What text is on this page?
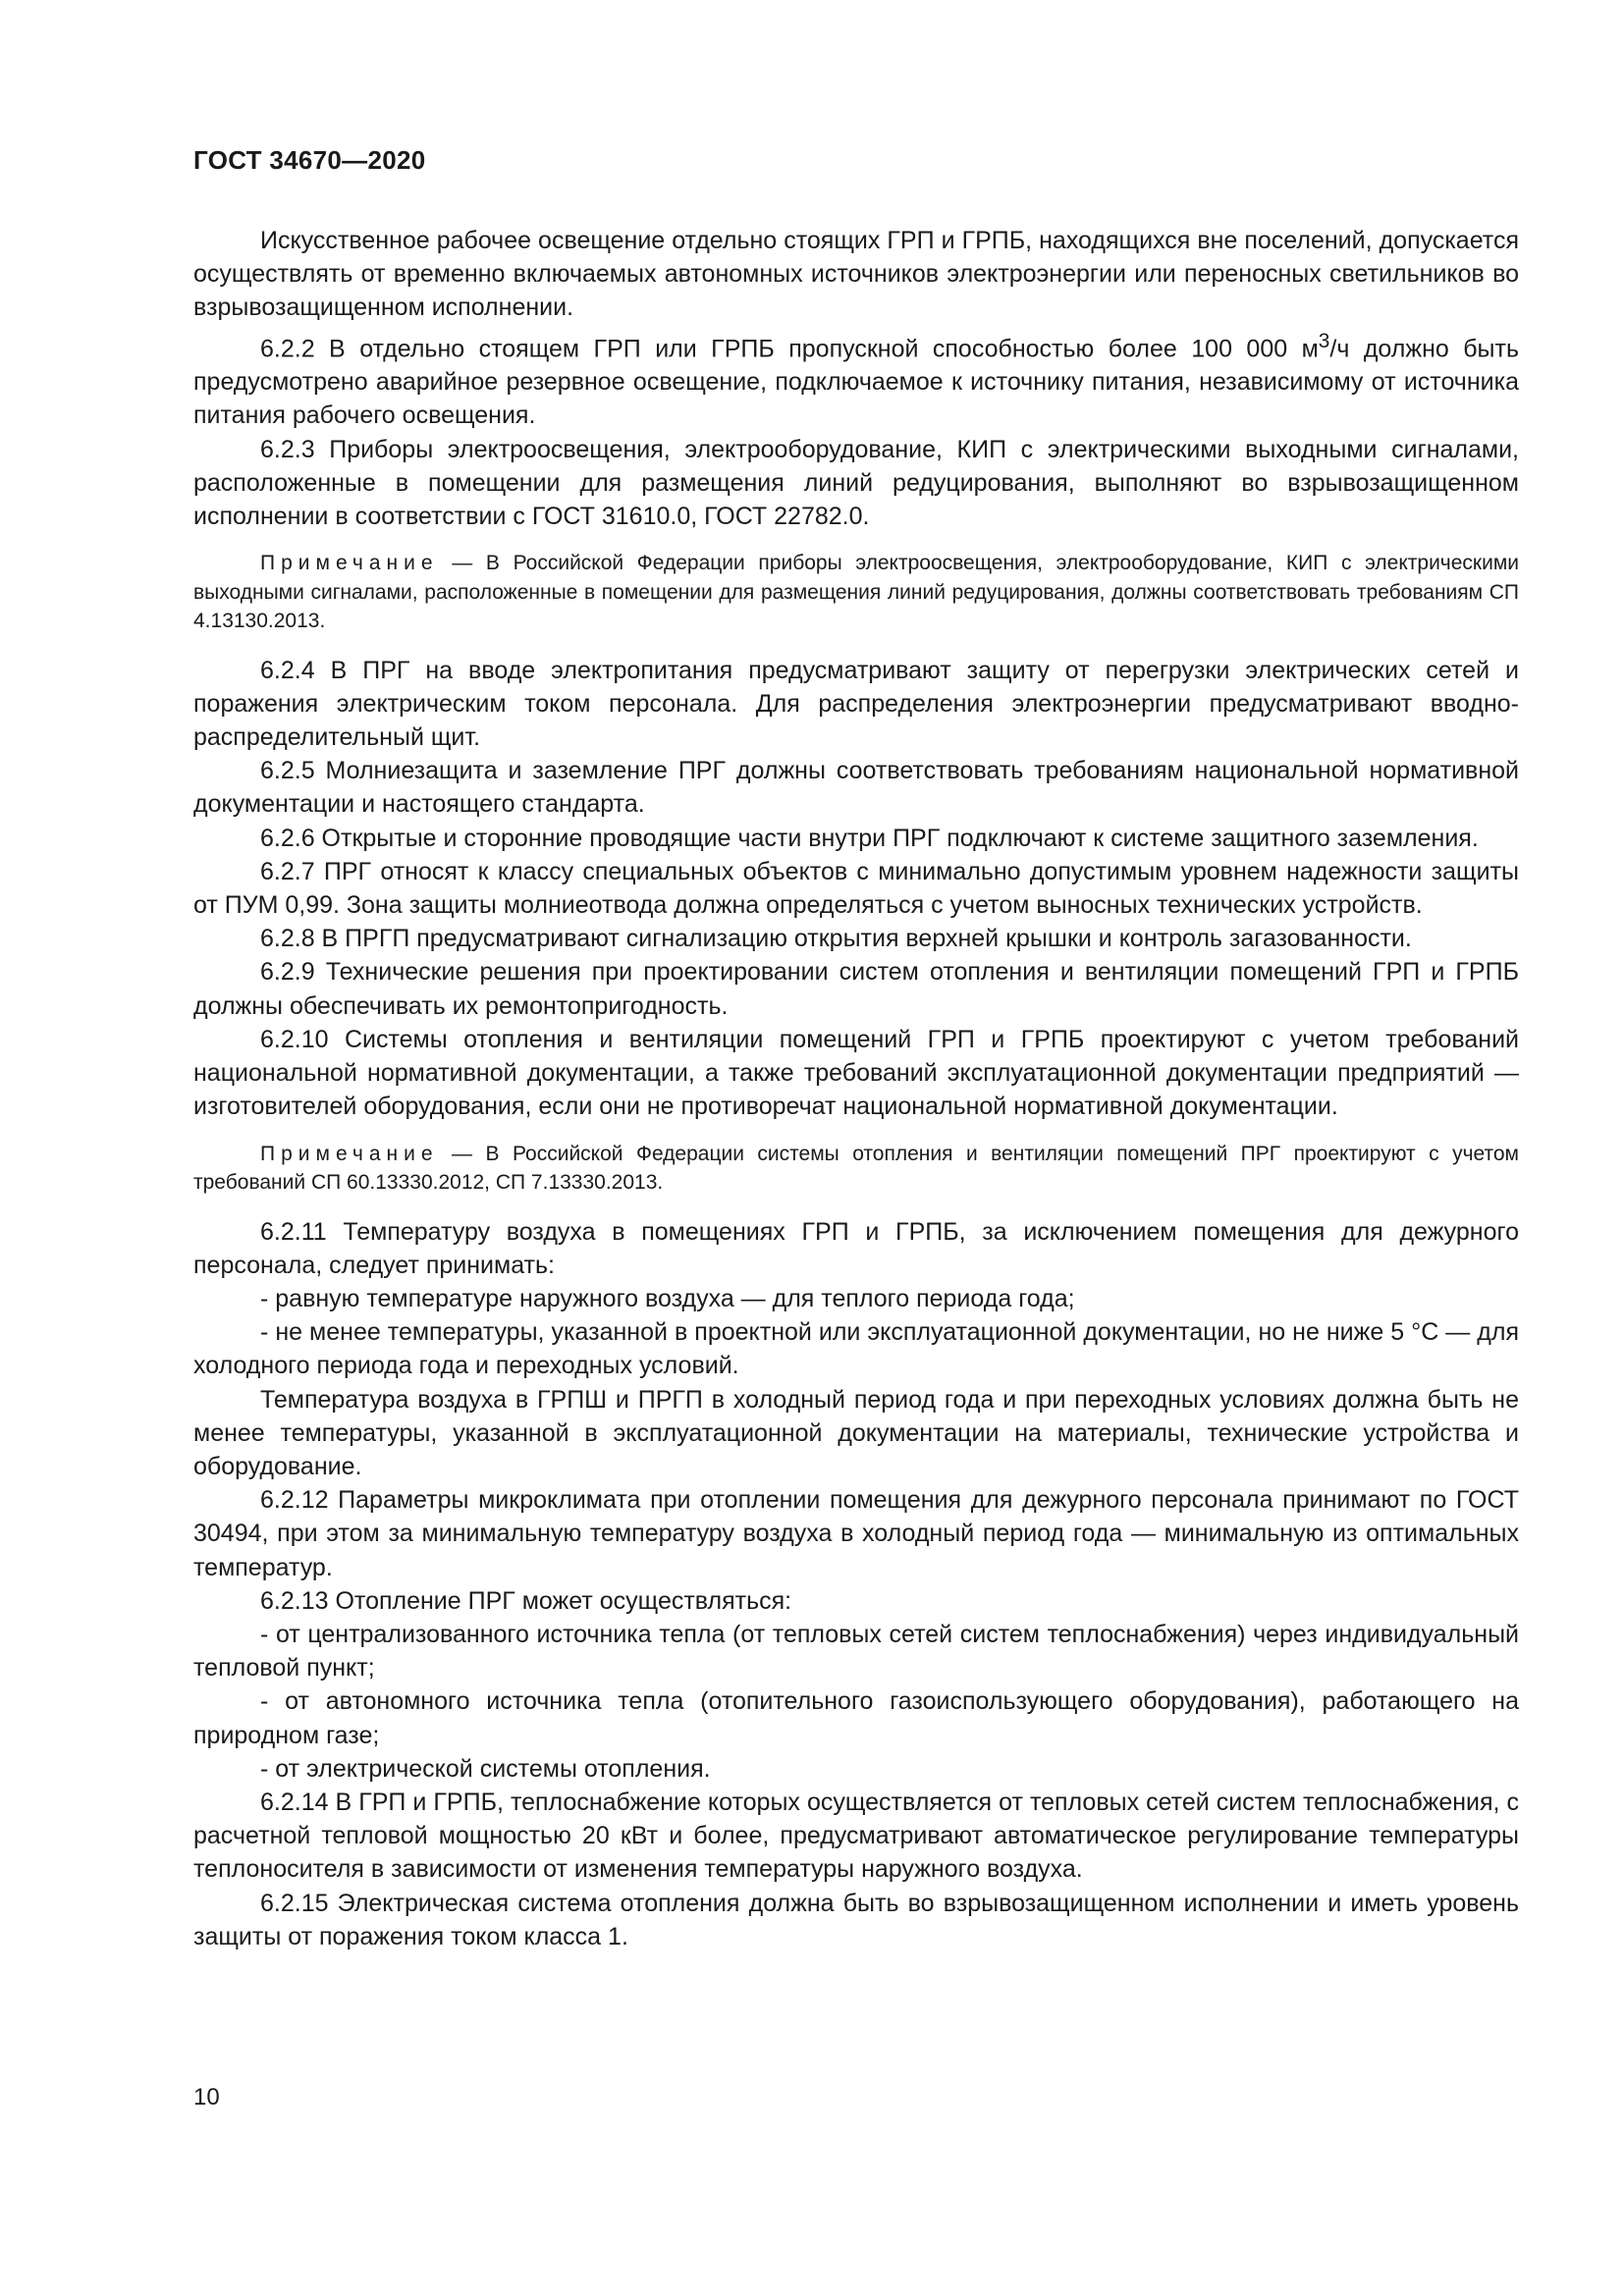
ГОСТ 34670—2020

Искусственное рабочее освещение отдельно стоящих ГРП и ГРПБ, находящихся вне поселений, допускается осуществлять от временно включаемых автономных источников электроэнергии или переносных светильников во взрывозащищенном исполнении.

6.2.2 В отдельно стоящем ГРП или ГРПБ пропускной способностью более 100 000 $м^3/ч$ должно быть предусмотрено аварийное резервное освещение, подключаемое к источнику питания, независимому от источника питания рабочего освещения.

6.2.3 Приборы электроосвещения, электрооборудование, КИП с электрическими выходными сигналами, расположенные в помещении для размещения линий редуцирования, выполняют во взрывозащищенном исполнении в соответствии с ГОСТ 31610.0, ГОСТ 22782.0.

Примечание — В Российской Федерации приборы электроосвещения, электрооборудование, КИП с электрическими выходными сигналами, расположенные в помещении для размещения линий редуцирования, должны соответствовать требованиям СП 4.13130.2013.

6.2.4 В ПРГ на вводе электропитания предусматривают защиту от перегрузки электрических сетей и поражения электрическим током персонала. Для распределения электроэнергии предусматривают вводно-распределительный щит.

6.2.5 Молниезащита и заземление ПРГ должны соответствовать требованиям национальной нормативной документации и настоящего стандарта.

6.2.6 Открытые и сторонние проводящие части внутри ПРГ подключают к системе защитного заземления.

6.2.7 ПРГ относят к классу специальных объектов с минимально допустимым уровнем надежности защиты от ПУМ 0,99. Зона защиты молниеотвода должна определяться с учетом выносных технических устройств.

6.2.8 В ПРГП предусматривают сигнализацию открытия верхней крышки и контроль загазованности.

6.2.9 Технические решения при проектировании систем отопления и вентиляции помещений ГРП и ГРПБ должны обеспечивать их ремонтопригодность.

6.2.10 Системы отопления и вентиляции помещений ГРП и ГРПБ проектируют с учетом требований национальной нормативной документации, а также требований эксплуатационной документации предприятий — изготовителей оборудования, если они не противоречат национальной нормативной документации.

Примечание — В Российской Федерации системы отопления и вентиляции помещений ПРГ проектируют с учетом требований СП 60.13330.2012, СП 7.13330.2013.

6.2.11 Температуру воздуха в помещениях ГРП и ГРПБ, за исключением помещения для дежурного персонала, следует принимать:

- равную температуре наружного воздуха — для теплого периода года;

- не менее температуры, указанной в проектной или эксплуатационной документации, но не ниже 5 °С — для холодного периода года и переходных условий.

Температура воздуха в ГРПШ и ПРГП в холодный период года и при переходных условиях должна быть не менее температуры, указанной в эксплуатационной документации на материалы, технические устройства и оборудование.

6.2.12 Параметры микроклимата при отоплении помещения для дежурного персонала принимают по ГОСТ 30494, при этом за минимальную температуру воздуха в холодный период года — минимальную из оптимальных температур.

6.2.13 Отопление ПРГ может осуществляться:

- от централизованного источника тепла (от тепловых сетей систем теплоснабжения) через индивидуальный тепловой пункт;

- от автономного источника тепла (отопительного газоиспользующего оборудования), работающего на природном газе;

- от электрической системы отопления.

6.2.14 В ГРП и ГРПБ, теплоснабжение которых осуществляется от тепловых сетей систем теплоснабжения, с расчетной тепловой мощностью 20 кВт и более, предусматривают автоматическое регулирование температуры теплоносителя в зависимости от изменения температуры наружного воздуха.

6.2.15 Электрическая система отопления должна быть во взрывозащищенном исполнении и иметь уровень защиты от поражения током класса 1.

10
